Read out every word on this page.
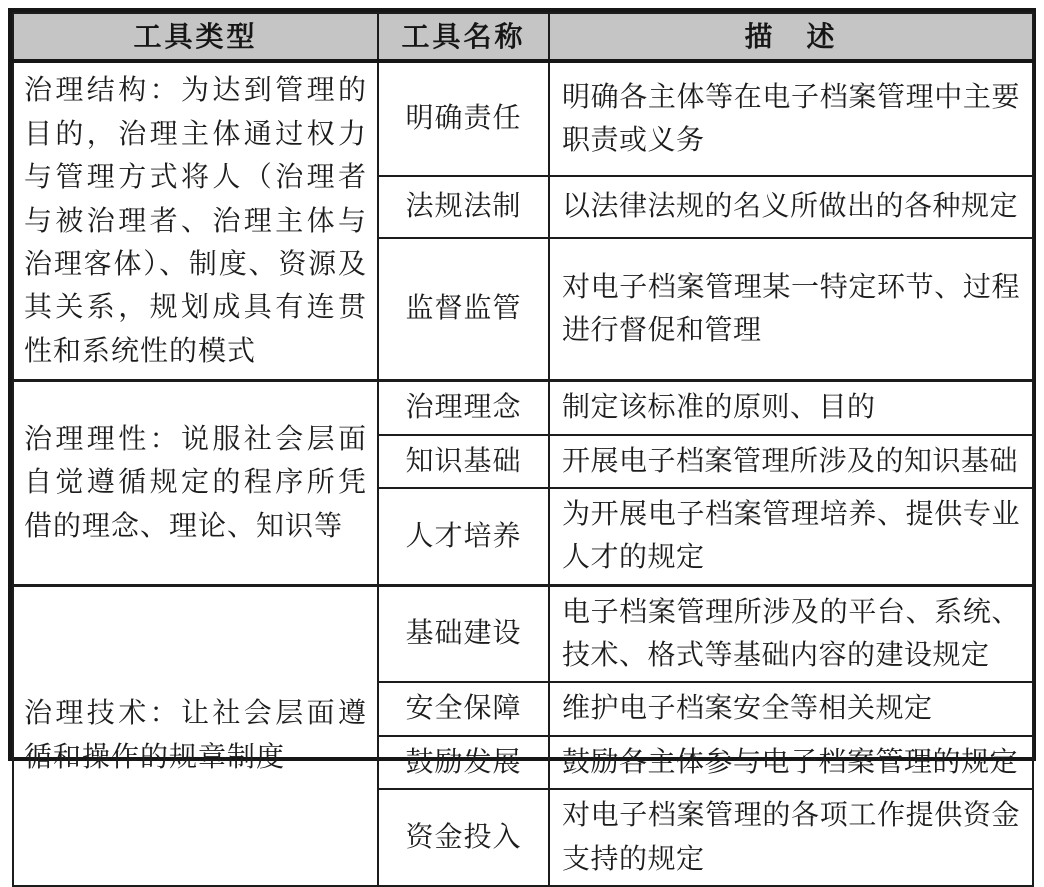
工具类型	工具名称	描　述
治理结构：为达到管理的目的，治理主体通过权力与管理方式将人（治理者与被治理者、治理主体与治理客体）、制度、资源及其关系，规划成具有连贯性和系统性的模式	明确责任	明确各主体等在电子档案管理中主要职责或义务
	法规法制	以法律法规的名义所做出的各种规定
	监督监管	对电子档案管理某一特定环节、过程进行督促和管理
治理理性：说服社会层面自觉遵循规定的程序所凭借的理念、理论、知识等	治理理念	制定该标准的原则、目的
	知识基础	开展电子档案管理所涉及的知识基础
	人才培养	为开展电子档案管理培养、提供专业人才的规定
治理技术：让社会层面遵循和操作的规章制度	基础建设	电子档案管理所涉及的平台、系统、技术、格式等基础内容的建设规定
	安全保障	维护电子档案安全等相关规定
	鼓励发展	鼓励各主体参与电子档案管理的规定
	资金投入	对电子档案管理的各项工作提供资金支持的规定
